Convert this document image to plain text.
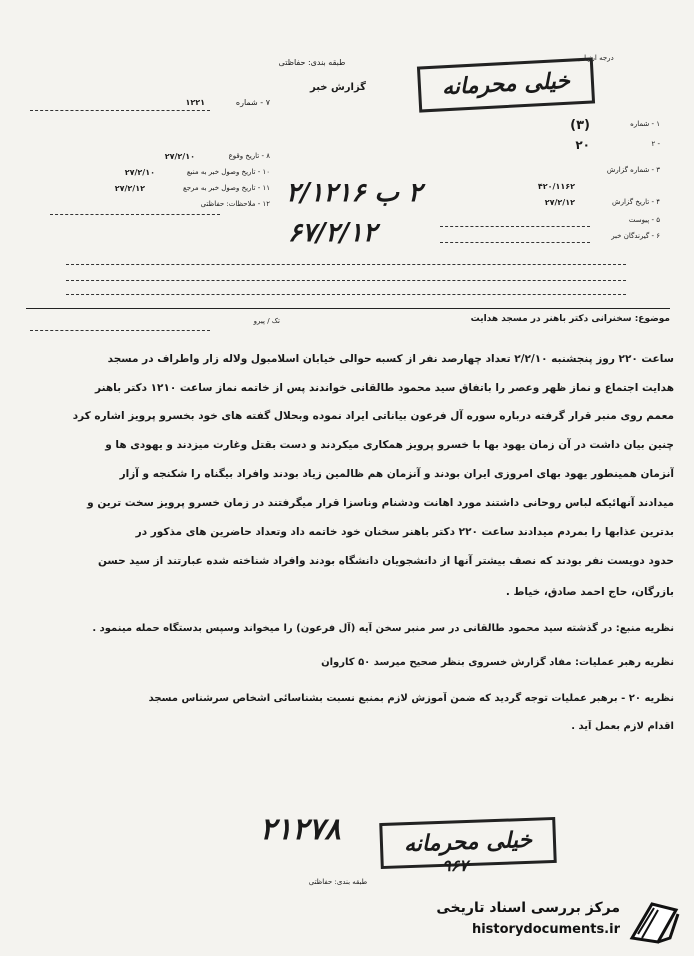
طبقه بندی: حفاظتی
گزارش خبر
درجه ارزیابی
خیلی محرمانه
۷ - شماره
۱۲۲۱
۸ - تاریخ وقوع
۲۷/۲/۱۰
۱۰ - تاریخ وصول خبر به منبع
۲۷/۲/۱۰
۱۱ - تاریخ وصول خبر به مرجع
۲۷/۲/۱۲
۱۲ - ملاحظات: حفاظتی
۱ - شماره
(۳)
۲ -
۲۰
۳ - شماره گزارش
۴۲۰/۱۱۶۲
۴ - تاریخ گزارش
۲۷/۲/۱۲
۵ - پیوست
۶ - گیرندگان خبر
۲ ب ۲/۱۲۱۶
۶۷/۲/۱۲
تک / پیرو	موضوع: سخنرانی دکتر باهنر در مسجد هدایت
ساعت ۲۲۰ روز پنجشنبه ۲/۲/۱۰ تعداد چهارصد نفر از کسبه حوالی خیابان اسلامبول ولاله زار واطراف در مسجد
هدایت اجتماع و نماز ظهر وعصر را باتفاق سید محمود طالقانی خواندند پس از خاتمه نماز ساعت ۱۲۱۰ دکتر باهنر
معمم روی منبر قرار گرفته درباره سوره آل فرعون بیاناتی ایراد نموده وبحلال گفته های خود بخسرو پرویز اشاره کرد
چنین بیان داشت در آن زمان یهود بها با خسرو پرویز همکاری میکردند و دست بقتل وغارت میزدند و یهودی ها و
آنزمان همینطور یهود بهای امروزی ایران بودند و آنزمان هم ظالمین زیاد بودند وافراد بیگناه را شکنجه و آزار
میدادند آنهائیکه لباس روحانی داشتند مورد اهانت ودشنام وناسزا قرار میگرفتند در زمان خسرو پرویز سخت ترین و
بدترین عذابها را بمردم میدادند ساعت ۲۲۰ دکتر باهنر سخنان خود خاتمه داد وتعداد حاضرین های مذکور در
حدود دویست نفر بودند که نصف بیشتر آنها از دانشجویان دانشگاه بودند وافراد شناخته شده عبارتند از سید حسن
بازرگان، حاج احمد صادق، خیاط .
نظریه منبع: در گذشته سید محمود طالقانی در سر منبر سخن آیه (آل فرعون) را میخواند وسپس بدستگاه حمله مینمود .
نظریه رهبر عملیات: مفاد گزارش خسروی بنظر صحیح میرسد ۵۰ کاروان
نظریه ۲۰ - برهبر عملیات توجه گردید که ضمن آموزش لازم بمنبع نسبت بشناسائی اشخاص سرشناس مسجد
اقدام لازم بعمل آید .
۲۱۲۷۸	خیلی محرمانه
۹۶۷
طبقه بندی: حفاظتی
مرکز بررسی اسناد تاریخی
historydocuments.ir
